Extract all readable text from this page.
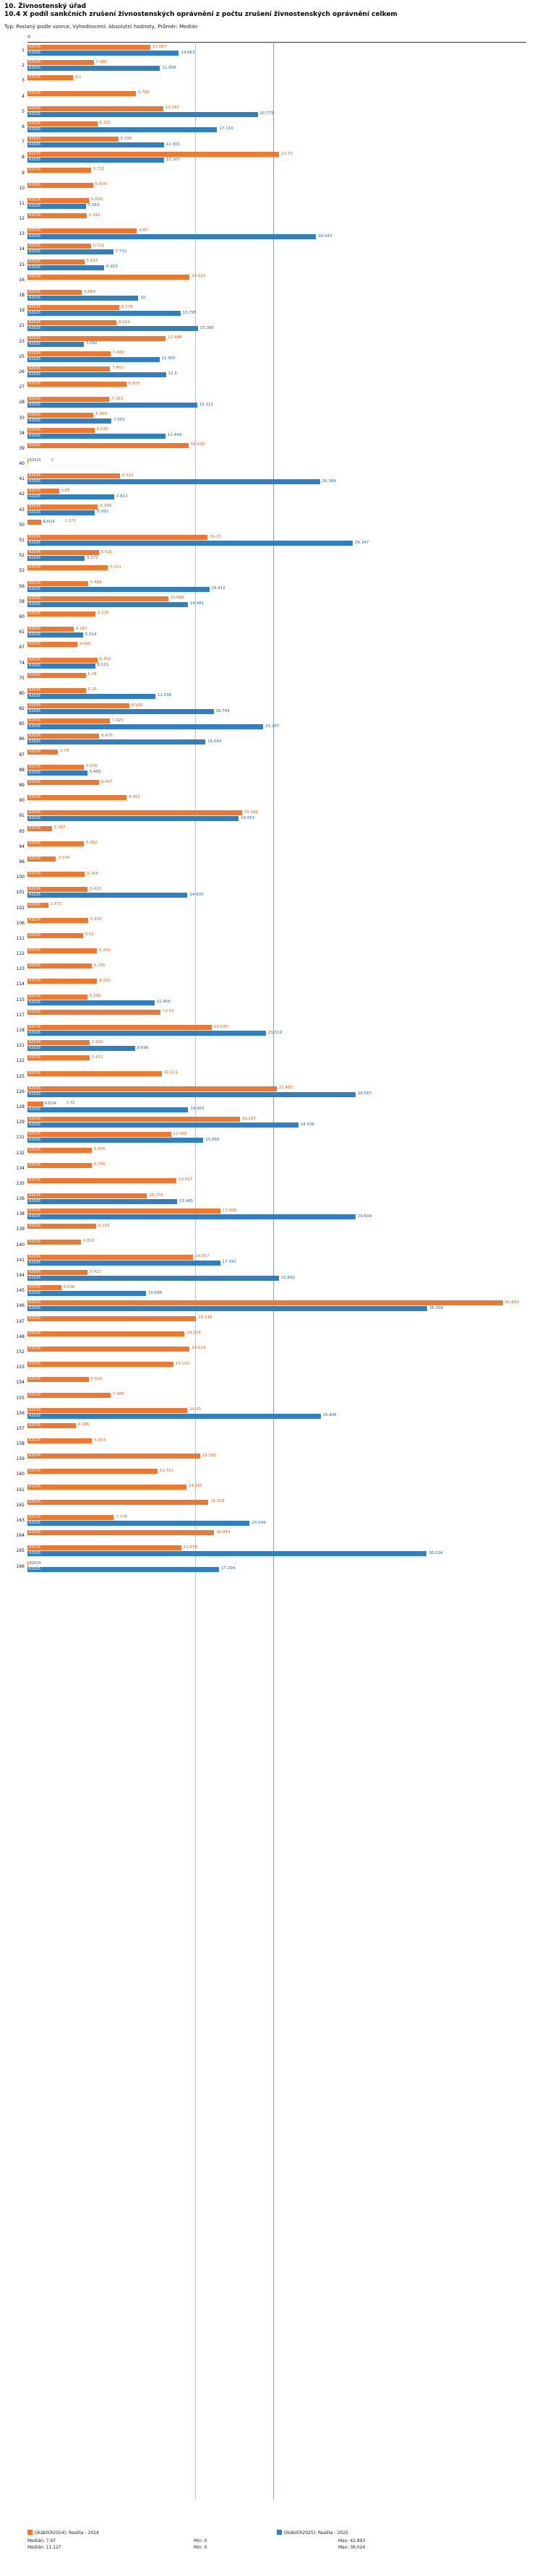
10. Živnostenský úřad
10.4 X podíl sankčních zrušení živnostenských oprávnění z počtu zrušení živnostenských oprávnění celkem
Typ: Poslaný podle vzorce, Vyhodnocení: Absolutní hodnoty, Průměr: Medián
0
1
R2024	11.087
R2025	13.663
2
R2024	5.995
R2025	11.958
3
R2024	4.1
4
R2024	9.785
5
R2024	12.247
R2025	20.779
6
R2024	6.301
R2025	17.119
7
R2024	8.196
R2025	12.301
8
R2024	22.71
R2025	12.307
9
R2024	5.732
10
R2024	5.914
11
R2024	5.556
R2025	5.263
12
R2024	5.342
13
R2024	9.87
R2025	26.042
14
R2024	5.711
R2025	7.732
15
R2024	5.123
R2025	6.923
16
R2024	14.623
18
R2024	4.884
R2025	10
19
R2024	8.278
R2025	13.795
21
R2024	8.024
R2025	15.385
23
R2024	12.448
R2025	5.092
25
R2024	7.489
R2025	11.905
26
R2024	7.452
R2025	12.5
27
R2024	8.905
28
R2024	7.393
R2025	15.311
33
R2024	5.949
R2025	7.563
34
R2024	6.049
R2025	12.449
39
R2024	14.526
40
R2024	0
41
R2024	8.333
R2025	26.389
42
R2024	2.85
R2025	7.813
43
R2024	6.349
R2025	6.091
50
R2024	1.271
51
R2024	16.25
R2025	29.347
52
R2024	6.425
R2025	5.172
53
R2024	7.251
56
R2024	5.469
R2025	16.412
58
R2024	12.686
R2025	14.481
60
R2024	6.135
61
R2024	4.167
R2025	5.014
67
R2024	4.496
74
R2024	6.302
R2025	6.111
75
R2024	5.25
80
R2024	5.25
R2025	11.538
82
R2024	9.169
R2025	16.794
85
R2024	7.425
R2025	21.267
86
R2024	6.476
R2025	16.054
87
R2024	2.74
88
R2024	5.076
R2025	5.405
89
R2024	6.447
90
R2024	8.951
91
R2024	19.346
R2025	19.053
93
R2024	2.207
94
R2024	5.092
96
R2024	2.574
100
R2024	5.164
101
R2024	5.426
R2025	14.435
102
R2024 1.871
106
R2024	5.476
111
R2024	5.01
112
R2024	6.259
113
R2024	5.795
114
R2024	6.292
115
R2024	5.396
R2025	11.456
117
R2024	12.01
118
R2024	16.625
R2025	21.519
121
R2024	5.593
R2025	9.696
122
R2024	5.611
125
R2024	12.111
126
R2024	22.483
R2025	29.597
128
R2024	1.42
R2025	14.503
129
R2024	19.155
R2025	24.438
131
R2024	12.946
R2025	15.868
132
R2024	5.806
134
R2024	5.798
135
R2024	13.437
136
R2024	10.774
R2025	13.495
138
R2024	17.408
R2025	29.604
139
R2024	6.192
140
R2024	4.818
141
R2024	14.957
R2025	17.391
144
R2024	5.422
R2025	22.692
145
R2024	3.036
R2025	10.696
146
R2024	42.893
R2025	36.058
147
R2024	15.218
148
R2024	14.174
152
R2024	14.624
153
R2024	13.143
154
R2024	5.526
155
R2024	7.486
156
R2024	14.43
R2025	26.446
157
R2024	4.346
158
R2024	5.834
159
R2024	15.582
160
R2024	11.721
161
R2024	14.335
162
R2024	16.329
163
R2024	7.778
R2025	20.049
164
R2024	16.844
165
R2024	13.879
R2025	36.024
166
R2024
R2025	17.294
Okáblí(R2024): Realita - 2024	Okáblí(R2025): Realita - 2025
Medián: 7.67	Min: 0	Max: 42.893
Medián: 11.127	Min: 0	Max: 36.024
